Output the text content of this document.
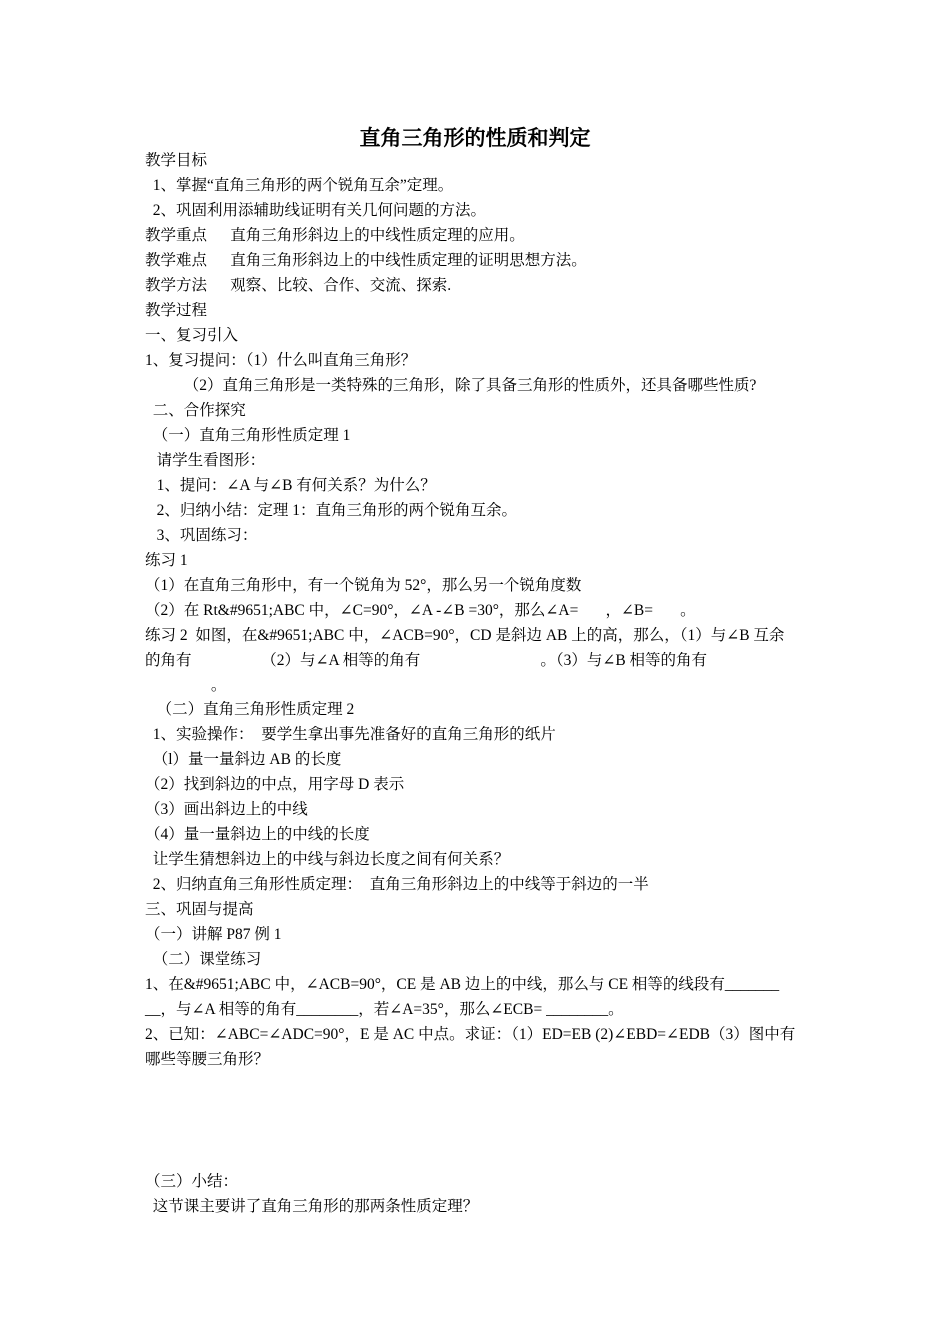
直角三角形的性质和判定
教学目标
1、掌握“直角三角形的两个锐角互余”定理。
2、巩固利用添辅助线证明有关几何问题的方法。
教学重点      直角三角形斜边上的中线性质定理的应用。
教学难点      直角三角形斜边上的中线性质定理的证明思想方法。
教学方法      观察、比较、合作、交流、探索.
教学过程
一、复习引入
1、复习提问：（1）什么叫直角三角形？
（2）直角三角形是一类特殊的三角形，除了具备三角形的性质外，还具备哪些性质?
二、合作探究
（一）直角三角形性质定理 1
请学生看图形：
1、提问：∠A 与∠B 有何关系？为什么？
2、归纳小结：定理 1：直角三角形的两个锐角互余。
3、巩固练习：
练习 1
（1）在直角三角形中，有一个锐角为 52°，那么另一个锐角度数
（2）在 Rt&#9651;ABC 中，∠C=90°，∠A -∠B =30°，那么∠A=       ，∠B=       。
练习 2  如图，在&#9651;ABC 中，∠ACB=90°，CD 是斜边 AB 上的高，那么，（1）与∠B 互余
的角有                  （2）与∠A 相等的角有                               。（3）与∠B 相等的角有
。
（二）直角三角形性质定理 2
1、实验操作：  要学生拿出事先准备好的直角三角形的纸片
（l）量一量斜边 AB 的长度
（2）找到斜边的中点，用字母 D 表示
（3）画出斜边上的中线
（4）量一量斜边上的中线的长度
让学生猜想斜边上的中线与斜边长度之间有何关系？
2、归纳直角三角形性质定理：  直角三角形斜边上的中线等于斜边的一半
三、巩固与提高
（一）讲解 P87 例 1
（二）课堂练习
1、在&#9651;ABC 中，∠ACB=90°，CE 是 AB 边上的中线，那么与 CE 相等的线段有_______
__，与∠A 相等的角有________，若∠A=35°，那么∠ECB= ________。
2、已知：∠ABC=∠ADC=90°，E 是 AC 中点。求证：（1）ED=EB (2)∠EBD=∠EDB（3）图中有
哪些等腰三角形？
（三）小结：
这节课主要讲了直角三角形的那两条性质定理？
